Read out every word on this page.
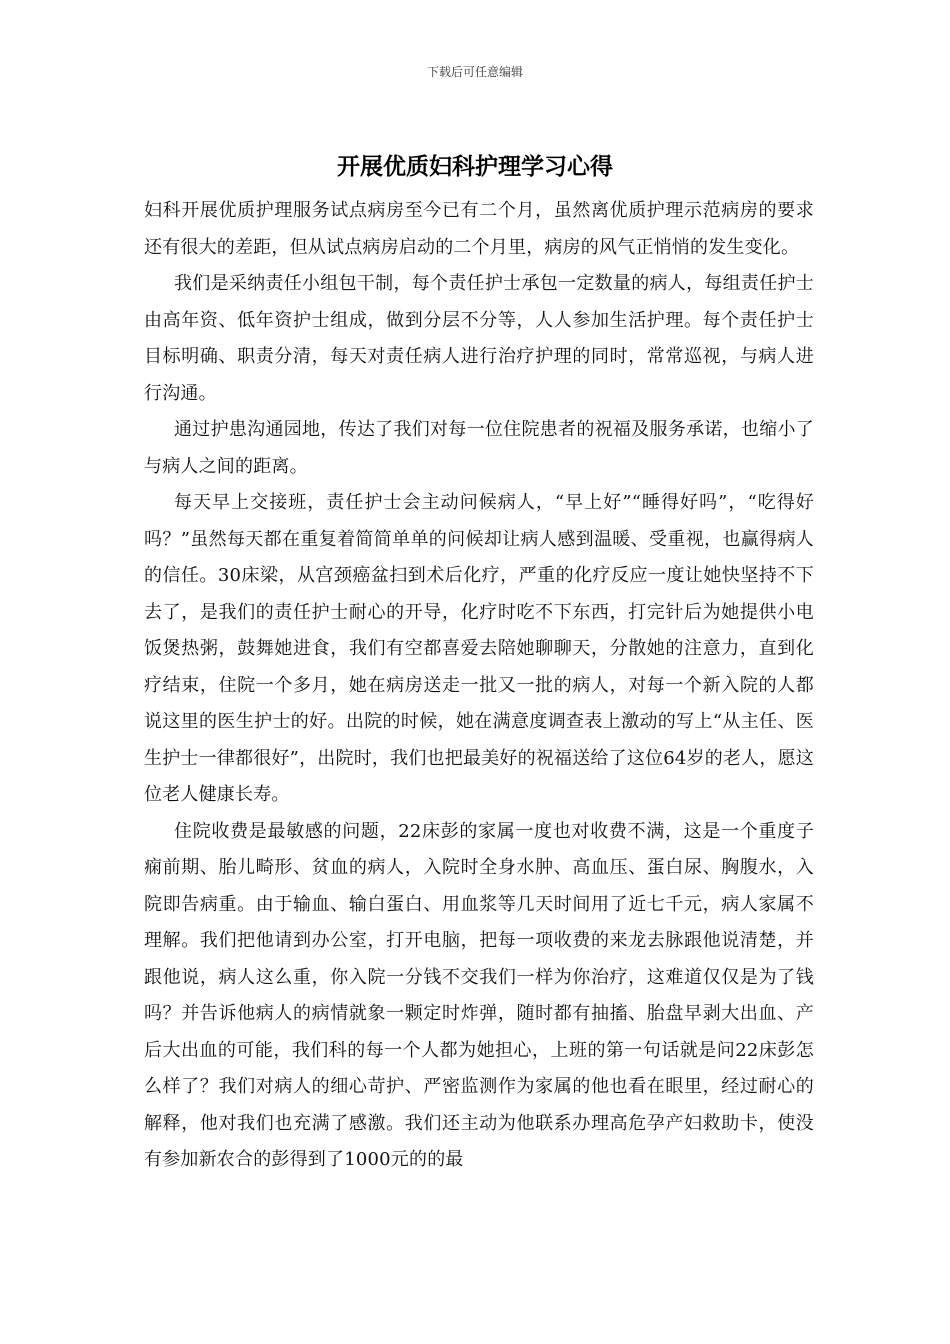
下载后可任意编辑
开展优质妇科护理学习心得

妇科开展优质护理服务试点病房至今已有二个月，虽然离优质护理示范病房的要求还有很大的差距，但从试点病房启动的二个月里，病房的风气正悄悄的发生变化。

我们是采纳责任小组包干制，每个责任护士承包一定数量的病人，每组责任护士由高年资、低年资护士组成，做到分层不分等，人人参加生活护理。每个责任护士目标明确、职责分清，每天对责任病人进行治疗护理的同时，常常巡视，与病人进行沟通。

通过护患沟通园地，传达了我们对每一位住院患者的祝福及服务承诺，也缩小了与病人之间的距离。

每天早上交接班，责任护士会主动问候病人，“早上好”“睡得好吗”，“吃得好吗？”虽然每天都在重复着简简单单的问候却让病人感到温暖、受重视，也赢得病人的信任。30床梁，从宫颈癌盆扫到术后化疗，严重的化疗反应一度让她快坚持不下去了，是我们的责任护士耐心的开导，化疗时吃不下东西，打完针后为她提供小电饭煲热粥，鼓舞她进食，我们有空都喜爱去陪她聊聊天，分散她的注意力，直到化疗结束，住院一个多月，她在病房送走一批又一批的病人，对每一个新入院的人都说这里的医生护士的好。出院的时候，她在满意度调查表上激动的写上“从主任、医生护士一律都很好”，出院时，我们也把最美好的祝福送给了这位64岁的老人，愿这位老人健康长寿。

住院收费是最敏感的问题，22床彭的家属一度也对收费不满，这是一个重度子痫前期、胎儿畸形、贫血的病人，入院时全身水肿、高血压、蛋白尿、胸腹水，入院即告病重。由于输血、输白蛋白、用血浆等几天时间用了近七千元，病人家属不理解。我们把他请到办公室，打开电脑，把每一项收费的来龙去脉跟他说清楚，并跟他说，病人这么重，你入院一分钱不交我们一样为你治疗，这难道仅仅是为了钱吗？并告诉他病人的病情就象一颗定时炸弹，随时都有抽搐、胎盘早剥大出血、产后大出血的可能，我们科的每一个人都为她担心，上班的第一句话就是问22床彭怎么样了？我们对病人的细心苛护、严密监测作为家属的他也看在眼里，经过耐心的解释，他对我们也充满了感激。我们还主动为他联系办理高危孕产妇救助卡，使没有参加新农合的彭得到了1000元的的最
